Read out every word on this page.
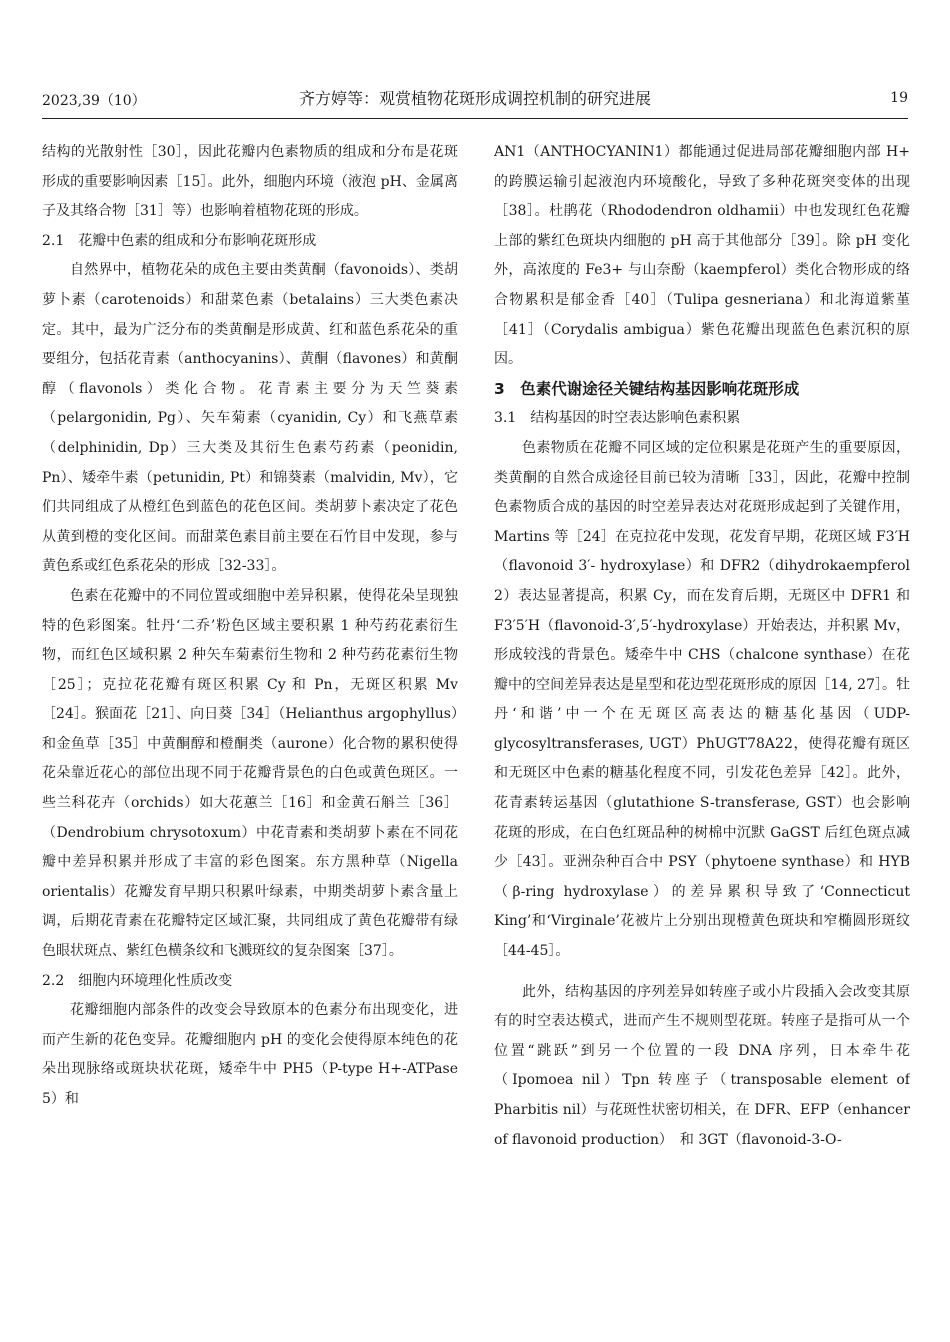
2023,39（10）	齐方婷等：观赏植物花斑形成调控机制的研究进展	19

结构的光散射性［30］，因此花瓣内色素物质的组成和分布是花斑形成的重要影响因素［15］。此外，细胞内环境（液泡 pH、金属离子及其络合物［31］等）也影响着植物花斑的形成。

2.1　花瓣中色素的组成和分布影响花斑形成

自然界中，植物花朵的成色主要由类黄酮（favonoids）、类胡萝卜素（carotenoids）和甜菜色素（betalains）三大类色素决定。其中，最为广泛分布的类黄酮是形成黄、红和蓝色系花朵的重要组分，包括花青素（anthocyanins）、黄酮（flavones）和黄酮醇（flavonols）类化合物。花青素主要分为天竺葵素（pelargonidin, Pg）、矢车菊素（cyanidin, Cy）和飞燕草素（delphinidin, Dp）三大类及其衍生色素芍药素（peonidin, Pn）、矮牵牛素（petunidin, Pt）和锦葵素（malvidin, Mv），它们共同组成了从橙红色到蓝色的花色区间。类胡萝卜素决定了花色从黄到橙的变化区间。而甜菜色素目前主要在石竹目中发现，参与黄色系或红色系花朵的形成［32-33］。

色素在花瓣中的不同位置或细胞中差异积累，使得花朵呈现独特的色彩图案。牡丹‘二乔’粉色区域主要积累 1 种芍药花素衍生物，而红色区域积累 2 种矢车菊素衍生物和 2 种芍药花素衍生物［25］；克拉花花瓣有斑区积累 Cy 和 Pn，无斑区积累 Mv［24］。猴面花［21］、向日葵［34］（Helianthus argophyllus）和金鱼草［35］中黄酮醇和橙酮类（aurone）化合物的累积使得花朵靠近花心的部位出现不同于花瓣背景色的白色或黄色斑区。一些兰科花卉（orchids）如大花蕙兰［16］和金黄石斛兰［36］（Dendrobium chrysotoxum）中花青素和类胡萝卜素在不同花瓣中差异积累并形成了丰富的彩色图案。东方黑种草（Nigella orientalis）花瓣发育早期只积累叶绿素，中期类胡萝卜素含量上调，后期花青素在花瓣特定区域汇聚，共同组成了黄色花瓣带有绿色眼状斑点、紫红色横条纹和飞溅斑纹的复杂图案［37］。

2.2　细胞内环境理化性质改变

花瓣细胞内部条件的改变会导致原本的色素分布出现变化，进而产生新的花色变异。花瓣细胞内 pH 的变化会使得原本纯色的花朵出现脉络或斑块状花斑，矮牵牛中 PH5（P-type H+-ATPase 5）和

AN1（ANTHOCYANIN1）都能通过促进局部花瓣细胞内部 H+ 的跨膜运输引起液泡内环境酸化，导致了多种花斑突变体的出现［38］。杜鹃花（Rhododendron oldhamii）中也发现红色花瓣上部的紫红色斑块内细胞的 pH 高于其他部分［39］。除 pH 变化外，高浓度的 Fe3+ 与山奈酚（kaempferol）类化合物形成的络合物累积是郁金香［40］（Tulipa gesneriana）和北海道紫堇［41］（Corydalis ambigua）紫色花瓣出现蓝色色素沉积的原因。

3　色素代谢途径关键结构基因影响花斑形成

3.1　结构基因的时空表达影响色素积累

色素物质在花瓣不同区域的定位积累是花斑产生的重要原因，类黄酮的自然合成途径目前已较为清晰［33］，因此，花瓣中控制色素物质合成的基因的时空差异表达对花斑形成起到了关键作用，Martins 等［24］在克拉花中发现，花发育早期，花斑区域 F3′H（flavonoid 3′- hydroxylase）和 DFR2（dihydrokaempferol 2）表达显著提高，积累 Cy，而在发育后期，无斑区中 DFR1 和 F3′5′H（flavonoid-3′,5′-hydroxylase）开始表达，并积累 Mv，形成较浅的背景色。矮牵牛中 CHS（chalcone synthase）在花瓣中的空间差异表达是星型和花边型花斑形成的原因［14, 27］。牡丹‘和谐’中一个在无斑区高表达的糖基化基因（UDP-glycosyltransferases, UGT）PhUGT78A22，使得花瓣有斑区和无斑区中色素的糖基化程度不同，引发花色差异［42］。此外，花青素转运基因（glutathione S-transferase, GST）也会影响花斑的形成，在白色红斑品种的树棉中沉默 GaGST 后红色斑点减少［43］。亚洲杂种百合中 PSY（phytoene synthase）和 HYB（β-ring hydroxylase）的差异累积导致了‘Connecticut King’和‘Virginale’花被片上分别出现橙黄色斑块和窄椭圆形斑纹［44-45］。

此外，结构基因的序列差异如转座子或小片段插入会改变其原有的时空表达模式，进而产生不规则型花斑。转座子是指可从一个位置“跳跃”到另一个位置的一段 DNA 序列，日本牵牛花（Ipomoea nil）Tpn 转座子（transposable element of Pharbitis nil）与花斑性状密切相关，在 DFR、EFP（enhancer of flavonoid production）　和 3GT（flavonoid-3-O-
